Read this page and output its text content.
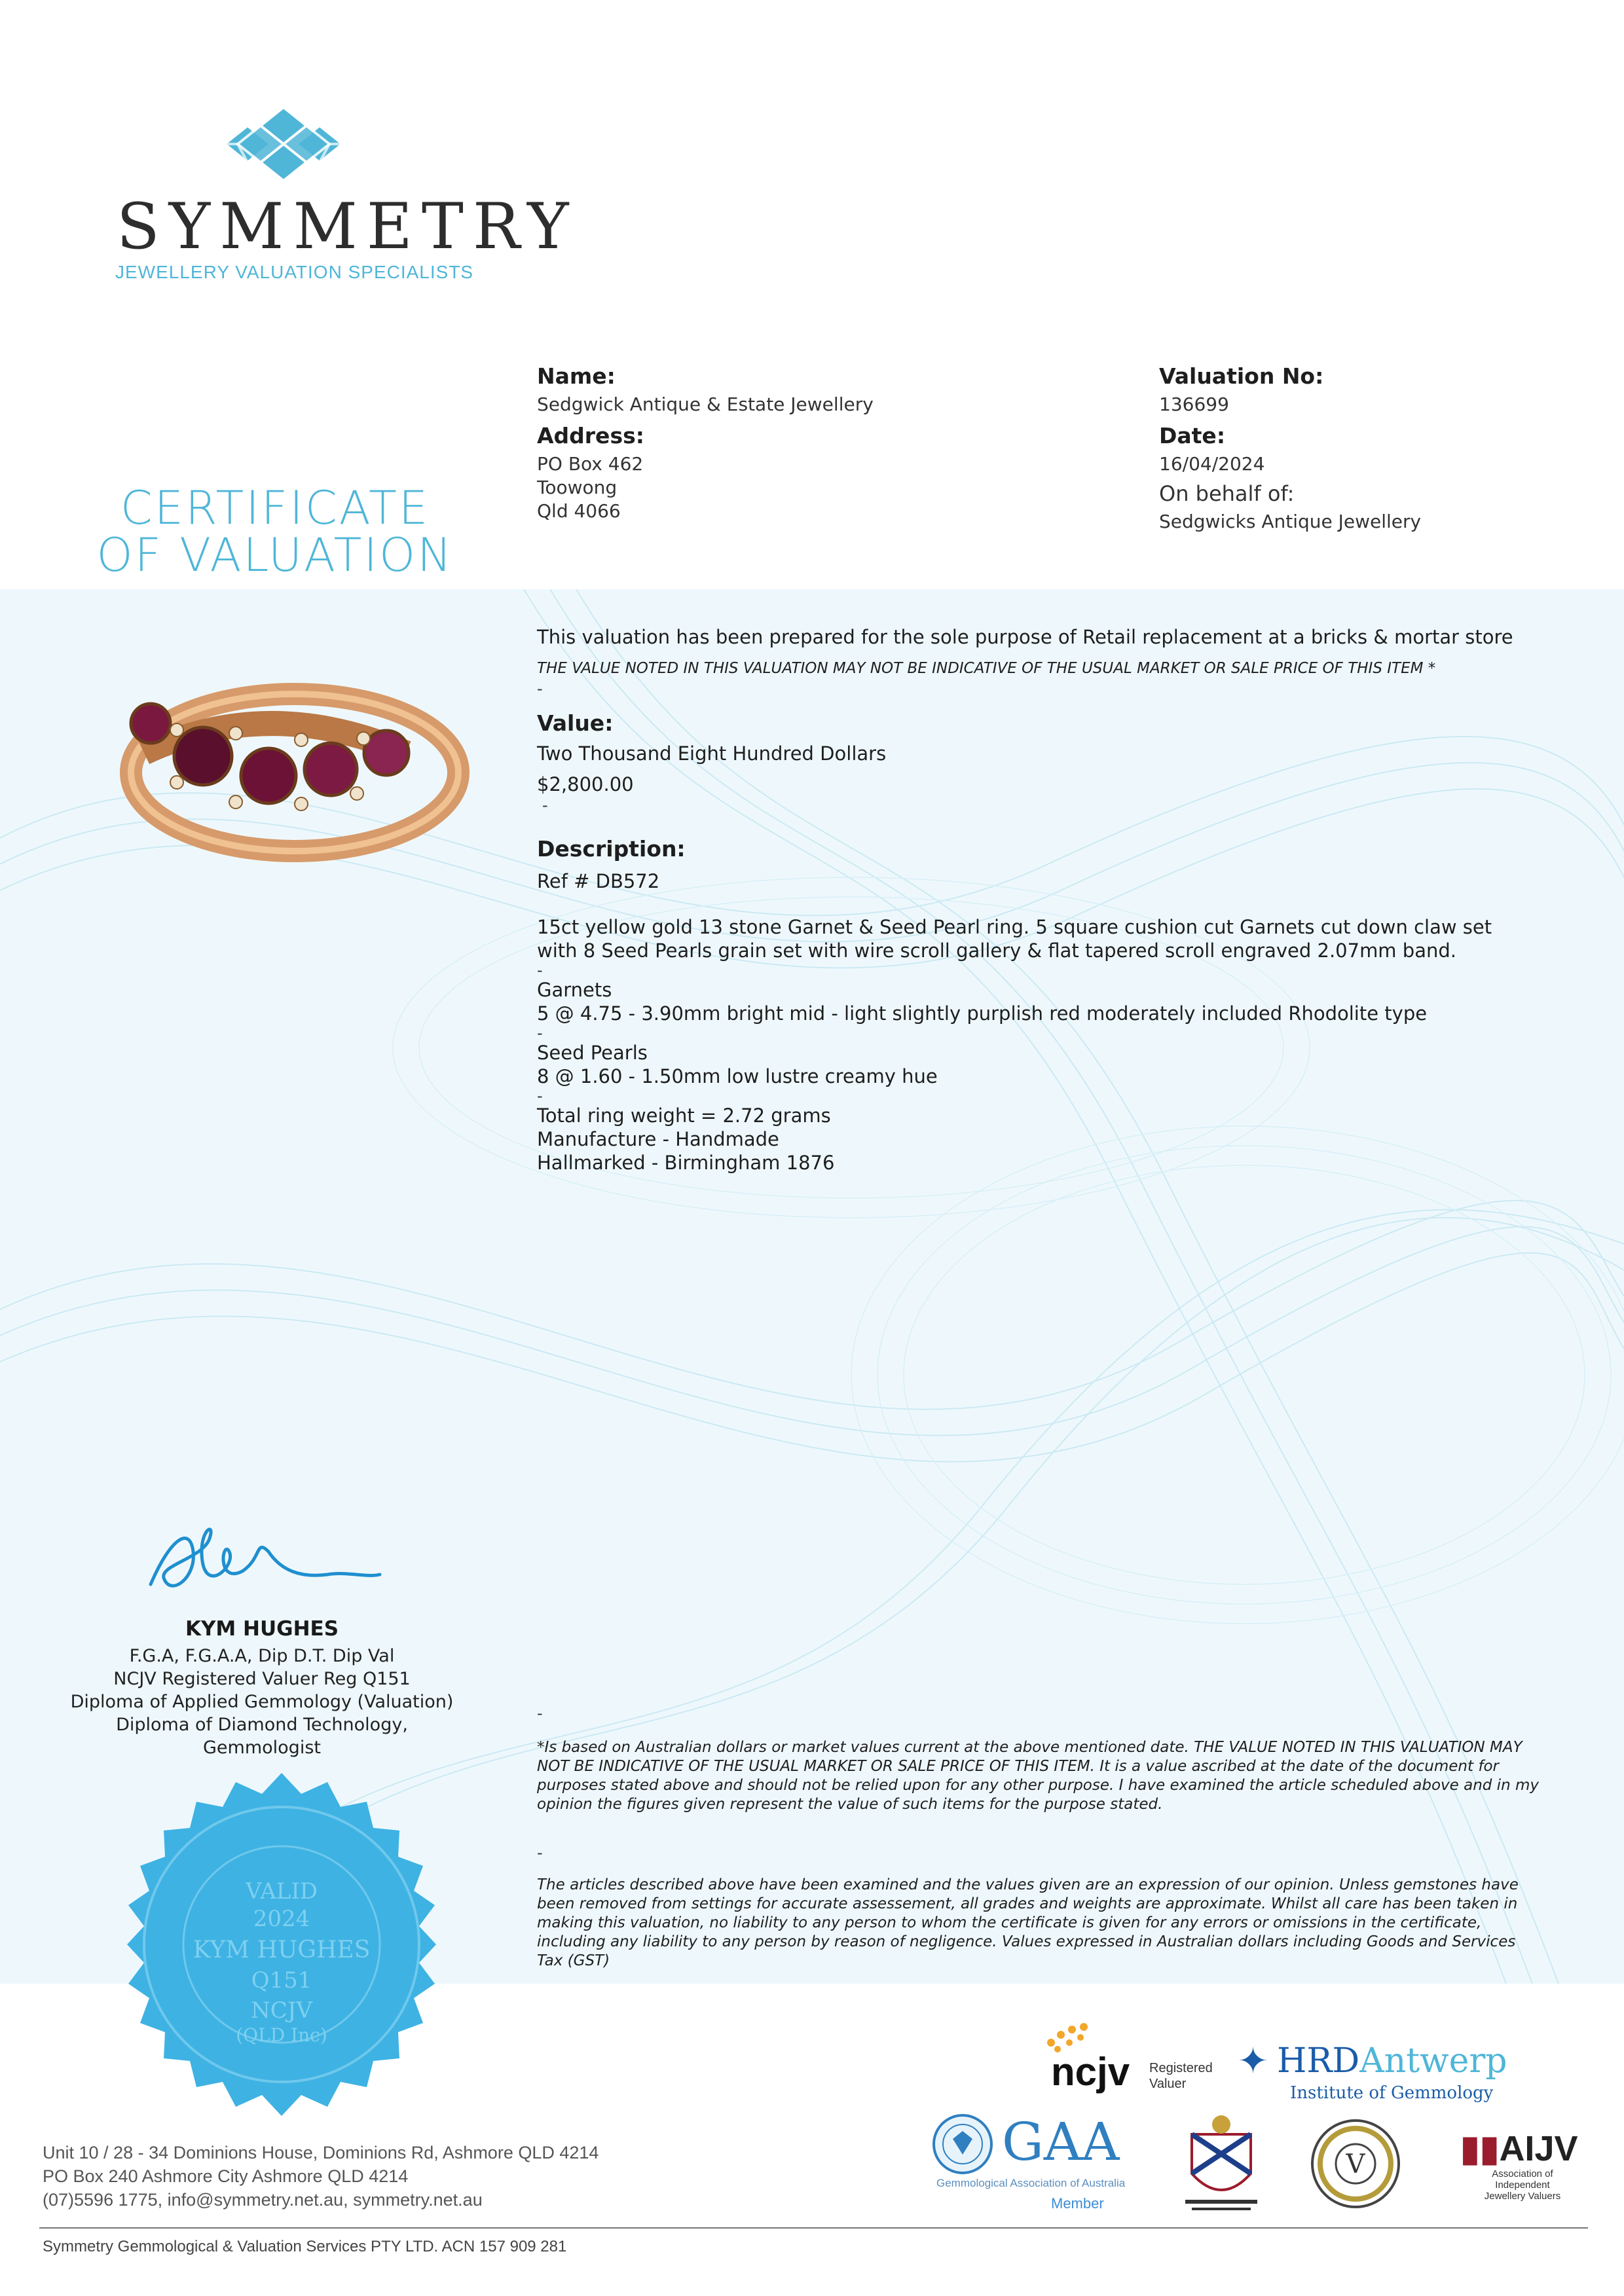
SYMMETRY
JEWELLERY VALUATION SPECIALISTS
CERTIFICATE
OF VALUATION
Name:
Sedgwick Antique & Estate Jewellery
Address:
PO Box 462
Toowong
Qld 4066
Valuation No:
136699
Date:
16/04/2024
On behalf of:
Sedgwicks Antique Jewellery
This valuation has been prepared for the sole purpose of Retail replacement at a bricks & mortar store
THE VALUE NOTED IN THIS VALUATION MAY NOT BE INDICATIVE OF THE USUAL MARKET OR SALE PRICE OF THIS ITEM *
-
Value:
Two Thousand Eight Hundred Dollars
$2,800.00
-
Description:
Ref # DB572
15ct yellow gold 13 stone Garnet & Seed Pearl ring. 5 square cushion cut Garnets cut down claw set
with 8 Seed Pearls grain set with wire scroll gallery & flat tapered scroll engraved 2.07mm band.
-
Garnets
5 @ 4.75 - 3.90mm bright mid - light slightly purplish red moderately included Rhodolite type
-
Seed Pearls
8 @ 1.60 - 1.50mm low lustre creamy hue
-
Total ring weight = 2.72 grams
Manufacture - Handmade
Hallmarked - Birmingham 1876
KYM HUGHES
F.G.A, F.G.A.A, Dip D.T. Dip Val
NCJV Registered Valuer Reg Q151
Diploma of Applied Gemmology (Valuation)
Diploma of Diamond Technology,
Gemmologist
VALID
2024
KYM HUGHES
Q151
NCJV
(QLD Inc)
-
*Is based on Australian dollars or market values current at the above mentioned date. THE VALUE NOTED IN THIS VALUATION MAY NOT BE INDICATIVE OF THE USUAL MARKET OR SALE PRICE OF THIS ITEM. It is a value ascribed at the date of the document for purposes stated above and should not be relied upon for any other purpose. I have examined the article scheduled above and in my opinion the figures given represent the value of such items for the purpose stated.
-
The articles described above have been examined and the values given are an expression of our opinion. Unless gemstones have been removed from settings for accurate assessement, all grades and weights are approximate. Whilst all care has been taken in making this valuation, no liability to any person to whom the certificate is given for any errors or omissions in the certificate, including any liability to any person by reason of negligence. Values expressed in Australian dollars including Goods and Services Tax (GST)
ncjv Registered
Valuer
✦ HRDAntwerp
Institute of Gemmology
GAA
Gemmological Association of Australia
Member
V	▮▮AIJV
Association of
Independent
Jewellery Valuers
Unit 10 / 28 - 34 Dominions House, Dominions Rd, Ashmore QLD 4214
PO Box 240 Ashmore City Ashmore QLD 4214
(07)5596 1775, info@symmetry.net.au, symmetry.net.au
Symmetry Gemmological & Valuation Services PTY LTD. ACN 157 909 281
